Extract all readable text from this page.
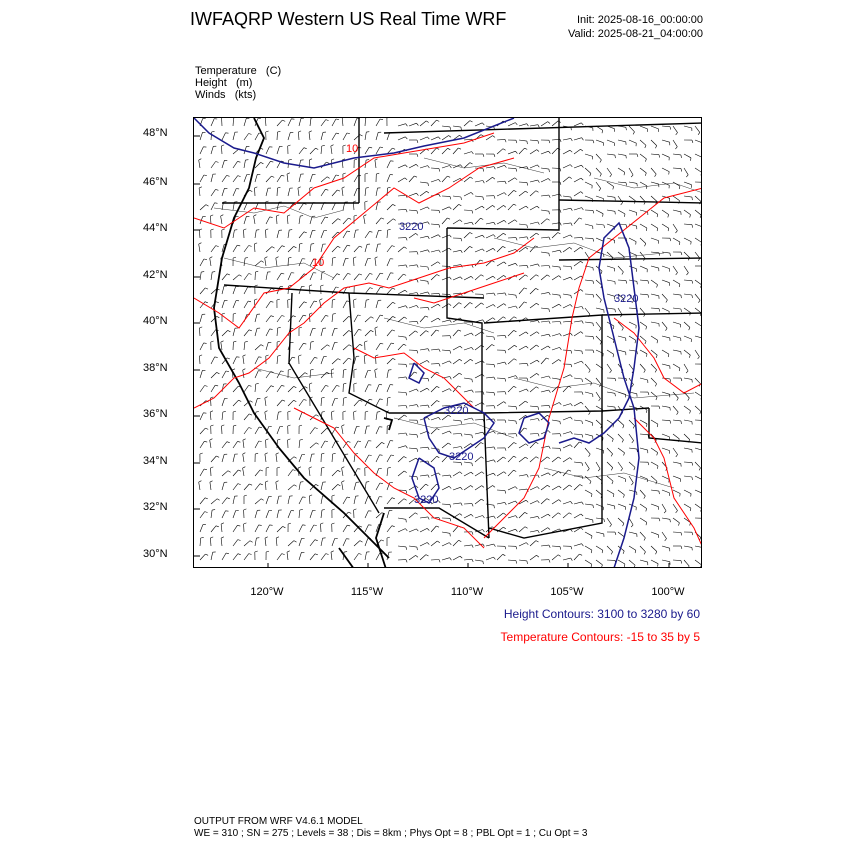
IWFAQRP Western US Real Time WRF	Init: 2025-08-16_00:00:00
Valid: 2025-08-21_04:00:00
Temperature   (C)
Height   (m)
Winds   (kts)
48°N
46°N
44°N
42°N
40°N
38°N
36°N
34°N
32°N
30°N
120°W	115°W	110°W	105°W	100°W
3220
3220
3220
3220
3220
10
10
Height Contours: 3100 to 3280 by 60
Temperature Contours: -15 to 35 by 5
OUTPUT FROM WRF V4.6.1 MODEL
WE = 310 ; SN = 275 ; Levels = 38 ; Dis = 8km ; Phys Opt = 8 ; PBL Opt = 1 ; Cu Opt = 3
